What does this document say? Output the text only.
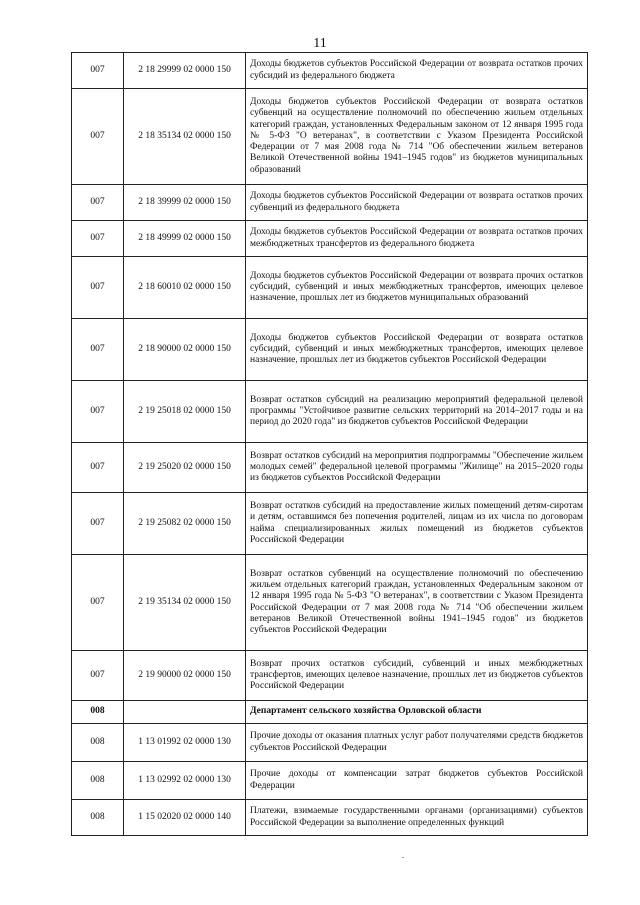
11
007	2 18 29999 02 0000 150	Доходы бюджетов субъектов Российской Федерации от возврата остатков прочих субсидий из федерального бюджета
007	2 18 35134 02 0000 150	Доходы бюджетов субъектов Российской Федерации от возврата остатков субвенций на осуществление полномочий по обеспечению жильем отдельных категорий граждан, установленных Федеральным законом от 12 января 1995 года № 5-ФЗ "О ветеранах", в соответствии с Указом Президента Российской Федерации от 7 мая 2008 года № 714 "Об обеспечении жильем ветеранов Великой Отечественной войны 1941–1945 годов" из бюджетов муниципальных образований
007	2 18 39999 02 0000 150	Доходы бюджетов субъектов Российской Федерации от возврата остатков прочих субвенций из федерального бюджета
007	2 18 49999 02 0000 150	Доходы бюджетов субъектов Российской Федерации от возврата остатков прочих межбюджетных трансфертов из федерального бюджета
007	2 18 60010 02 0000 150	Доходы бюджетов субъектов Российской Федерации от возврата прочих остатков субсидий, субвенций и иных межбюджетных трансфертов, имеющих целевое назначение, прошлых лет из бюджетов муниципальных образований
007	2 18 90000 02 0000 150	Доходы бюджетов субъектов Российской Федерации от возврата остатков субсидий, субвенций и иных межбюджетных трансфертов, имеющих целевое назначение, прошлых лет из бюджетов субъектов Российской Федерации
007	2 19 25018 02 0000 150	Возврат остатков субсидий на реализацию мероприятий федеральной целевой программы "Устойчивое развитие сельских территорий на 2014–2017 годы и на период до 2020 года" из бюджетов субъектов Российской Федерации
007	2 19 25020 02 0000 150	Возврат остатков субсидий на мероприятия подпрограммы "Обеспечение жильем молодых семей" федеральной целевой программы "Жилище" на 2015–2020 годы из бюджетов субъектов Российской Федерации
007	2 19 25082 02 0000 150	Возврат остатков субсидий на предоставление жилых помещений детям-сиротам и детям, оставшимся без попечения родителей, лицам из их числа по договорам найма специализированных жилых помещений из бюджетов субъектов Российской Федерации
007	2 19 35134 02 0000 150	Возврат остатков субвенций на осуществление полномочий по обеспечению жильем отдельных категорий граждан, установленных Федеральным законом от 12 января 1995 года № 5-ФЗ "О ветеранах", в соответствии с Указом Президента Российской Федерации от 7 мая 2008 года № 714 "Об обеспечении жильем ветеранов Великой Отечественной войны 1941–1945 годов" из бюджетов субъектов Российской Федерации
007	2 19 90000 02 0000 150	Возврат прочих остатков субсидий, субвенций и иных межбюджетных трансфертов, имеющих целевое назначение, прошлых лет из бюджетов субъектов Российской Федерации
008		Департамент сельского хозяйства Орловской области
008	1 13 01992 02 0000 130	Прочие доходы от оказания платных услуг работ получателями средств бюджетов субъектов Российской Федерации
008	1 13 02992 02 0000 130	Прочие доходы от компенсации затрат бюджетов субъектов Российской Федерации
008	1 15 02020 02 0000 140	Платежи, взимаемые государственными органами (организациями) субъектов Российской Федерации за выполнение определенных функций
